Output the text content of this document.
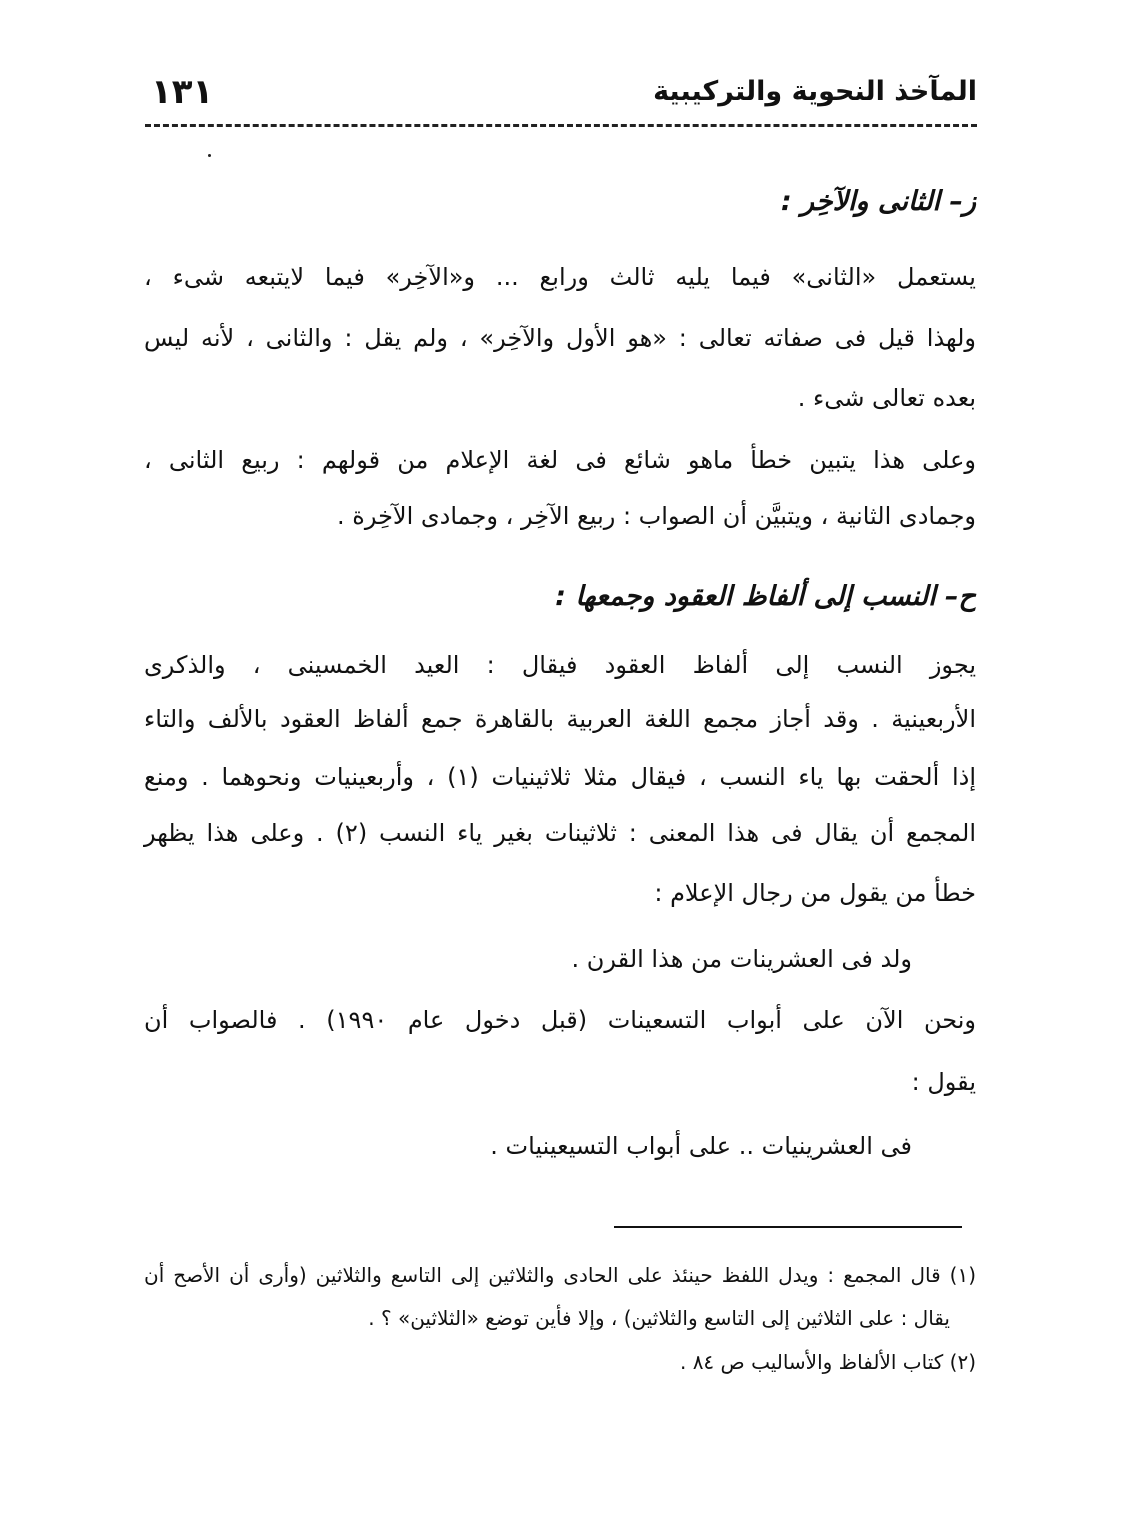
المآخذ النحوية والتركيبية
١٣١
ز– الثانى والآخِر :
يستعمل «الثانى» فيما يليه ثالث ورابع ... و«الآخِر» فيما لايتبعه شىء ،
ولهذا قيل فى صفاته تعالى : «هو الأول والآخِر» ، ولم يقل : والثانى ، لأنه ليس
بعده تعالى شىء .
وعلى هذا يتبين خطأ ماهو شائع فى لغة الإعلام من قولهم : ربيع الثانى ،
وجمادى الثانية ، ويتبيَّن أن الصواب : ربيع الآخِر ، وجمادى الآخِرة .
ح– النسب إلى ألفاظ العقود وجمعها :
يجوز النسب إلى ألفاظ العقود فيقال : العيد الخمسينى ، والذكرى
الأربعينية . وقد أجاز مجمع اللغة العربية بالقاهرة جمع ألفاظ العقود بالألف والتاء
إذا ألحقت بها ياء النسب ، فيقال مثلا ثلاثينيات (١) ، وأربعينيات ونحوهما . ومنع
المجمع أن يقال فى هذا المعنى : ثلاثينات بغير ياء النسب (٢) . وعلى هذا يظهر
خطأ من يقول من رجال الإعلام :
ولد فى العشرينات من هذا القرن .
ونحن الآن على أبواب التسعينات (قبل دخول عام ١٩٩٠) . فالصواب أن
يقول :
فى العشرينيات .. على أبواب التسيعينيات .
(١) قال المجمع : ويدل اللفظ حينئذ على الحادى والثلاثين إلى التاسع والثلاثين (وأرى أن الأصح أن
يقال : على الثلاثين إلى التاسع والثلاثين) ، وإلا فأين توضع «الثلاثين» ؟ .
(٢) كتاب الألفاظ والأساليب ص ٨٤ .
